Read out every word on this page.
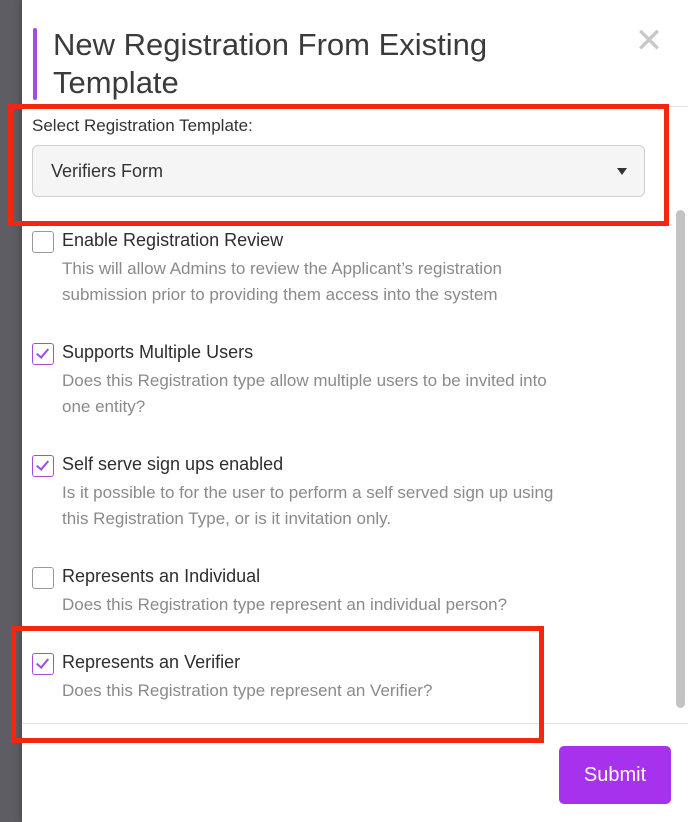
New Registration From Existing
Template
✕
Select Registration Template:
Verifiers Form
Enable Registration Review
This will allow Admins to review the Applicant’s registration
submission prior to providing them access into the system
Supports Multiple Users
Does this Registration type allow multiple users to be invited into
one entity?
Self serve sign ups enabled
Is it possible to for the user to perform a self served sign up using
this Registration Type, or is it invitation only.
Represents an Individual
Does this Registration type represent an individual person?
Represents an Verifier
Does this Registration type represent an Verifier?
Submit
